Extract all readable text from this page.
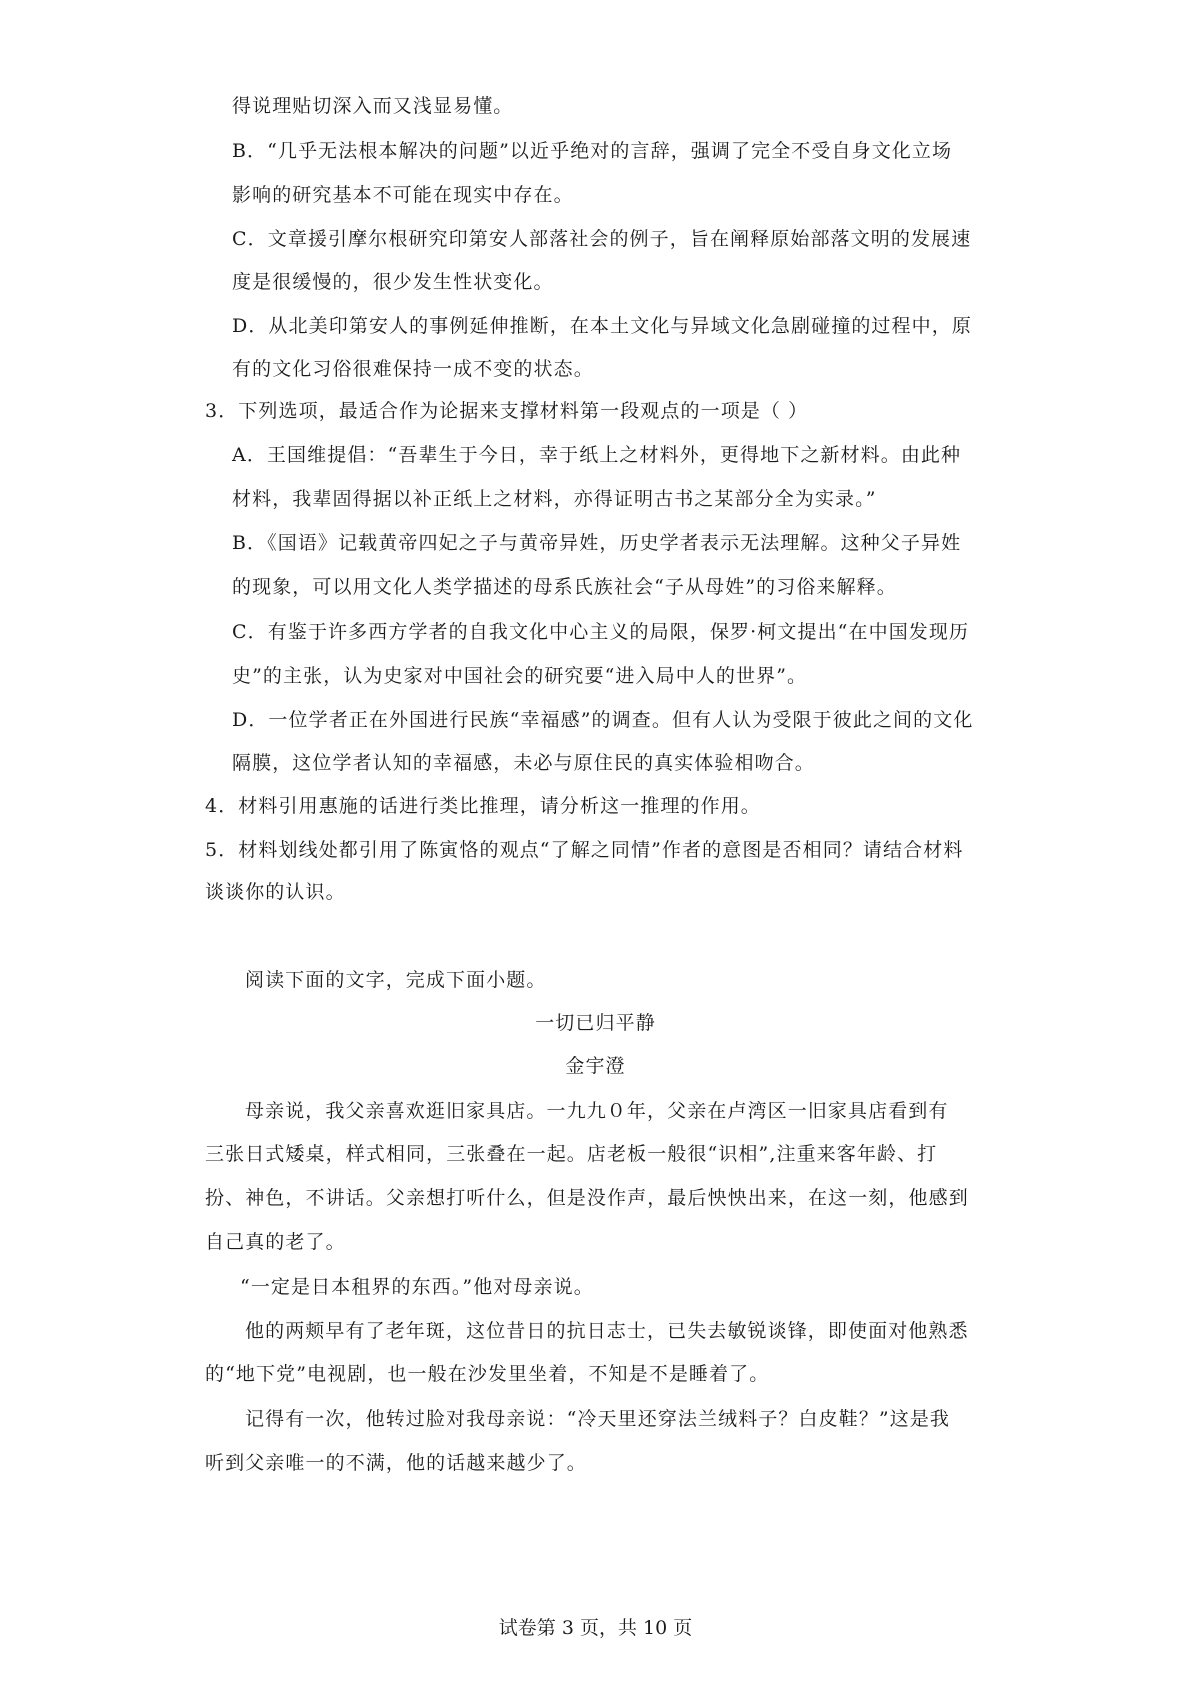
得说理贴切深入而又浅显易懂。
B．“几乎无法根本解决的问题”以近乎绝对的言辞，强调了完全不受自身文化立场
影响的研究基本不可能在现实中存在。
C．文章援引摩尔根研究印第安人部落社会的例子，旨在阐释原始部落文明的发展速
度是很缓慢的，很少发生性状变化。
D．从北美印第安人的事例延伸推断，在本土文化与异域文化急剧碰撞的过程中，原
有的文化习俗很难保持一成不变的状态。
3．下列选项，最适合作为论据来支撑材料第一段观点的一项是（ ）
A．王国维提倡：“吾辈生于今日，幸于纸上之材料外，更得地下之新材料。由此种
材料，我辈固得据以补正纸上之材料，亦得证明古书之某部分全为实录。”
B．《国语》记载黄帝四妃之子与黄帝异姓，历史学者表示无法理解。这种父子异姓
的现象，可以用文化人类学描述的母系氏族社会“子从母姓”的习俗来解释。
C．有鉴于许多西方学者的自我文化中心主义的局限，保罗·柯文提出“在中国发现历
史”的主张，认为史家对中国社会的研究要“进入局中人的世界”。
D．一位学者正在外国进行民族“幸福感”的调查。但有人认为受限于彼此之间的文化
隔膜，这位学者认知的幸福感，未必与原住民的真实体验相吻合。
4．材料引用惠施的话进行类比推理，请分析这一推理的作用。
5．材料划线处都引用了陈寅恪的观点“了解之同情”作者的意图是否相同？请结合材料
谈谈你的认识。
阅读下面的文字，完成下面小题。
一切已归平静
金宇澄
母亲说，我父亲喜欢逛旧家具店。一九九０年，父亲在卢湾区一旧家具店看到有
三张日式矮桌，样式相同，三张叠在一起。店老板一般很“识相”,注重来客年龄、打
扮、神色，不讲话。父亲想打听什么，但是没作声，最后怏怏出来，在这一刻，他感到
自己真的老了。
“一定是日本租界的东西。”他对母亲说。
他的两颊早有了老年斑，这位昔日的抗日志士，已失去敏锐谈锋，即使面对他熟悉
的“地下党”电视剧，也一般在沙发里坐着，不知是不是睡着了。
记得有一次，他转过脸对我母亲说：“冷天里还穿法兰绒料子？白皮鞋？”这是我
听到父亲唯一的不满，他的话越来越少了。
试卷第 3 页，共 10 页
